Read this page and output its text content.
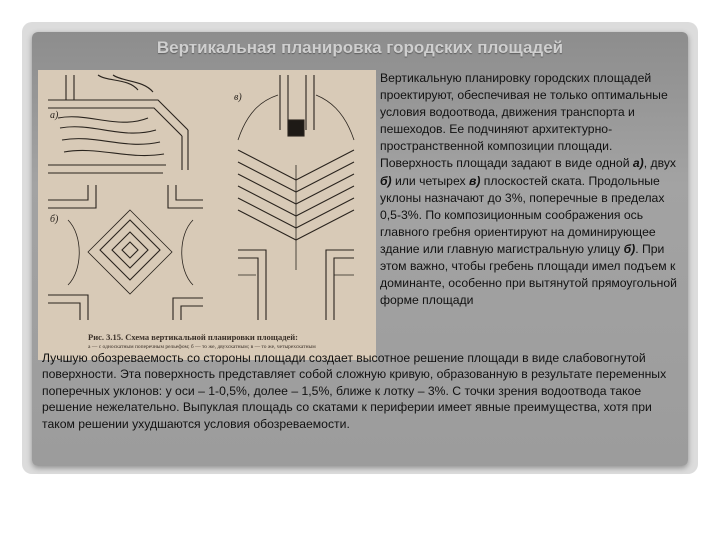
Вертикальная планировка городских площадей
а)
б)
в)
Рис. 3.15. Схема вертикальной планировки площадей:
а — с односкатным поперечным рельефом; б — то же, двухскатным; в — то же, четырехскатным
Вертикальную планировку городских площадей проектируют, обеспечивая не только оптимальные условия водоотвода, движения транспорта и пешеходов. Ее подчиняют архитектурно-пространственной композиции площади. Поверхность площади задают в виде одной а), двух б) или четырех в) плоскостей ската. Продольные уклоны назначают до 3%, поперечные в пределах 0,5-3%. По композиционным соображения ось главного гребня ориентируют на доминирующее здание или главную магистральную улицу б). При этом важно, чтобы гребень площади имел подъем к доминанте, особенно при вытянутой прямоугольной форме площади
Лучшую обозреваемость со стороны площади создает высотное решение площади в виде слабовогнутой поверхности. Эта поверхность представляет собой сложную кривую, образованную в результате переменных поперечных уклонов: у оси – 1-0,5%, долее – 1,5%, ближе к лотку – 3%. С точки зрения водоотвода такое решение нежелательно. Выпуклая площадь со скатами к периферии имеет явные преимущества, хотя при таком решении ухудшаются условия обозреваемости.
